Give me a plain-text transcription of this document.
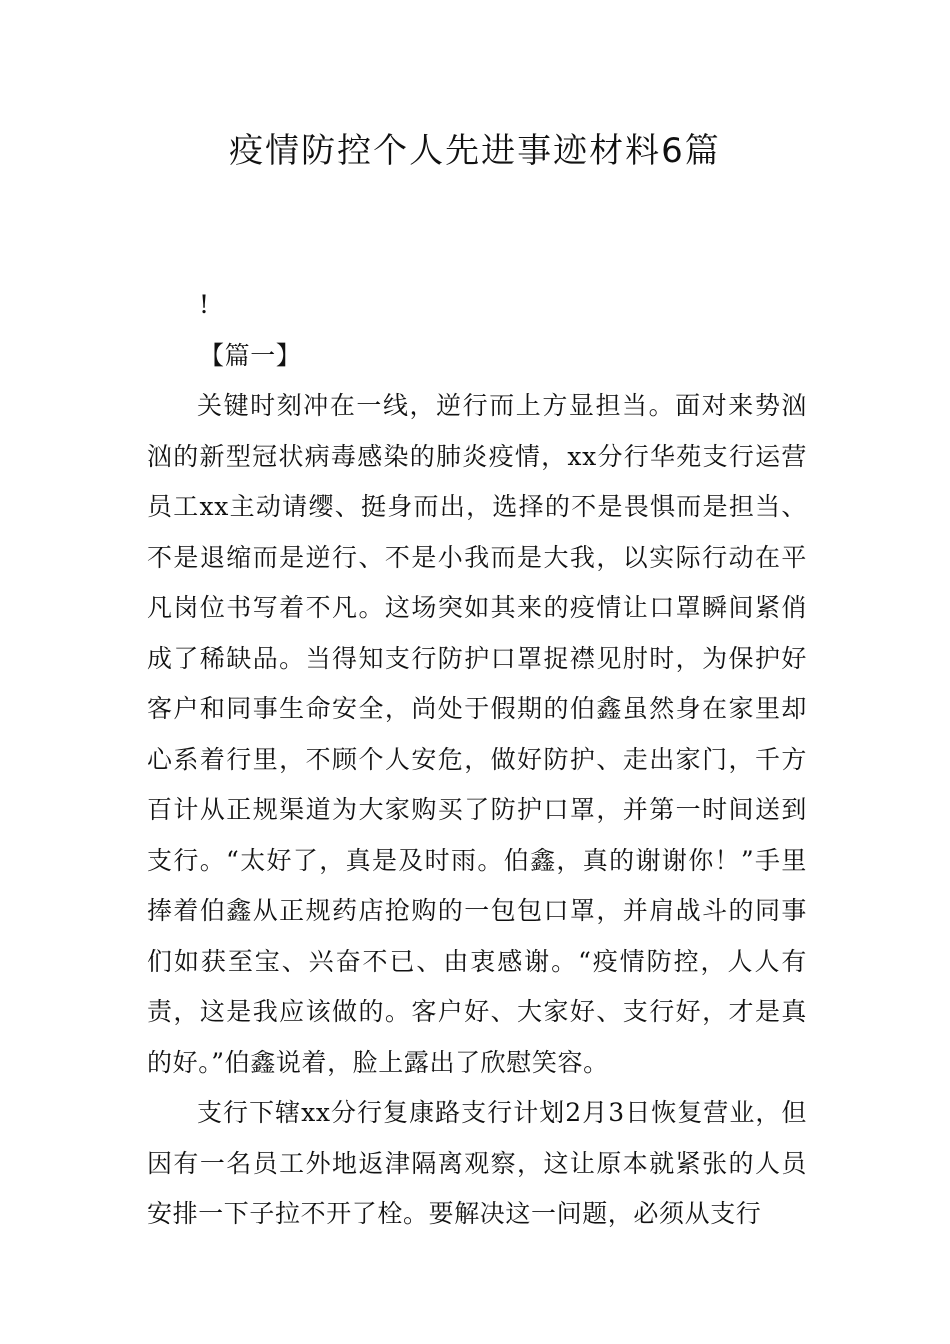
疫情防控个人先进事迹材料6篇

!

【篇一】

关键时刻冲在一线，逆行而上方显担当。面对来势汹汹的新型冠状病毒感染的肺炎疫情，xx分行华苑支行运营员工xx主动请缨、挺身而出，选择的不是畏惧而是担当、不是退缩而是逆行、不是小我而是大我，以实际行动在平凡岗位书写着不凡。这场突如其来的疫情让口罩瞬间紧俏成了稀缺品。当得知支行防护口罩捉襟见肘时，为保护好客户和同事生命安全，尚处于假期的伯鑫虽然身在家里却心系着行里，不顾个人安危，做好防护、走出家门，千方百计从正规渠道为大家购买了防护口罩，并第一时间送到支行。“太好了，真是及时雨。伯鑫，真的谢谢你！”手里捧着伯鑫从正规药店抢购的一包包口罩，并肩战斗的同事们如获至宝、兴奋不已、由衷感谢。“疫情防控，人人有责，这是我应该做的。客户好、大家好、支行好，才是真的好。”伯鑫说着，脸上露出了欣慰笑容。

支行下辖xx分行复康路支行计划2月3日恢复营业，但因有一名员工外地返津隔离观察，这让原本就紧张的人员安排一下子拉不开了栓。要解决这一问题，必须从支行
